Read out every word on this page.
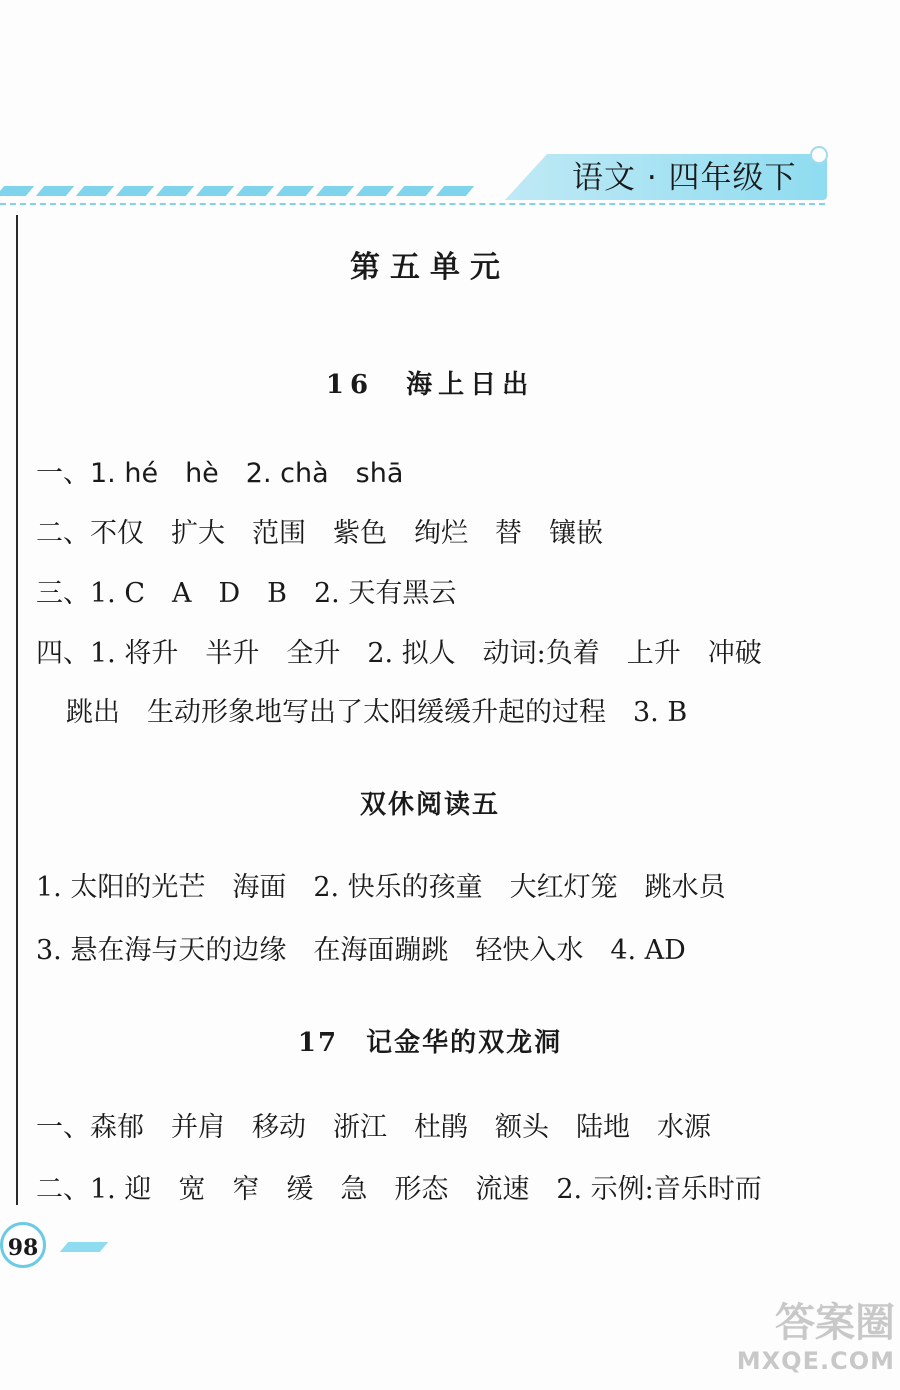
语文 · 四年级下
第五单元
16　海上日出
一、1. hé　hè　2. chà　shā
二、不仅　扩大　范围　紫色　绚烂　替　镶嵌
三、1. C　A　D　B　2. 天有黑云
四、1. 将升　半升　全升　2. 拟人　动词:负着　上升　冲破
跳出　生动形象地写出了太阳缓缓升起的过程　3. B
双休阅读五
1. 太阳的光芒　海面　2. 快乐的孩童　大红灯笼　跳水员
3. 悬在海与天的边缘　在海面蹦跳　轻快入水　4. AD
17　记金华的双龙洞
一、森郁　并肩　移动　浙江　杜鹃　额头　陆地　水源
二、1. 迎　宽　窄　缓　急　形态　流速　2. 示例:音乐时而
98
答案圈
MXQE.COM
